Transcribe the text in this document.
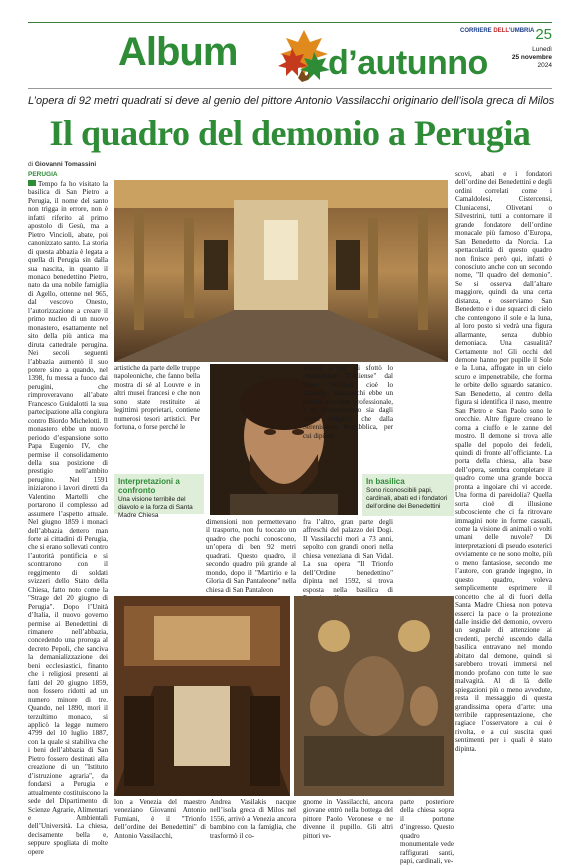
Album	d’autunno
CORRIERE DELL’UMBRIA 25
Lunedì
25 novembre
2024
L’opera di 92 metri quadrati si deve al genio del pittore Antonio Vassilacchi originario dell’isola greca di Milos
Il quadro del demonio a Perugia
di Giovanni Tomassini
PERUGIA
Tempo fa ho visitato la basilica di San Pietro a Perugia, il nome del santo non trigga in errore, non è infatti riferito al primo apostolo di Gesù, ma a Pietro Vincioli, abate, poi canonizzato santo. La storia di questa abbazia è legata a quella di Perugia sin dalla sua nascita, in quanto il monaco benedettino Pietro, nato da una nobile famiglia di Agello, ottenne nel 965, dal vescovo Onesto, l’autorizzazione a creare il primo nucleo di un nuovo monastero, esattamente nel sito della più antica ma diruta cattedrale perugina. Nei secoli seguenti l’abbazia aumentò il suo potere sino a quando, nel 1398, fu messa a fuoco dai perugini, che rimproveravano all’abate Francesco Guidalotti la sua partecipazione alla congiura contro Biordo Michelotti. Il monastero ebbe un nuovo periodo d’espansione sotto Papa Eugenio IV, che permise il consolidamento della sua posizione di prestigio nell’ambito perugino. Nel 1591 iniziarono i lavori diretti da Valentino Martelli che portarono il complesso ad assumere l’aspetto attuale. Nel giugno 1859 i monaci dell’abbazia dettero man forte ai cittadini di Perugia, che si erano sollevati contro l’autorità pontificia e si scontrarono con il reggimento di soldati svizzeri dello Stato della Chiesa, fatto noto come la "Strage del 20 giugno di Perugia". Dopo l’Unità d’Italia, il nuovo governo permise ai Benedettini di rimanere nell’abbazia, concedendo una proroga al decreto Pepoli, che sanciva la demanializzazione dei beni ecclesiastici, finanto che i religiosi presenti ai fatti del 20 giugno 1859, non fossero ridotti ad un numero minore di tre. Quando, nel 1890, morì il terzultimo monaco, si applicò la legge numero 4799 del 10 luglio 1887, con la quale si stabiliva che i beni dell’abbazia di San Pietro fossero destinati alla creazione di un "Istituto d’istruzione agraria", da fondarsi a Perugia e attualmente costituiscono la sede del Dipartimento di Scienze Agrarie, Alimentari e Ambientali dell’Università. La chiesa, decisamente bella e, seppure spogliata di molte opere
artistiche da parte delle truppe napoleoniche, che fanno bella mostra di sé al Louvre e in altri musei francesi e che non sono state restituite ai legittimi proprietari, contiene numerosi tesori artistici. Per fortuna, o forse perché le
Interpretazioni a confronto
Una visione terribile del diavolo e la forza di Santa Madre Chiesa
veziani a mo’ di sfottò lo chiamarono "l’Aliense" dal latino "Aliénus" cioè lo straniero. Vassilacchi ebbe un grande successo professionale, e fu richiestissimo sia dagli ordini religiosi, che dalla Serenissima Repubblica, per cui dipinse,
In basilica
Sono riconoscibili papi, cardinali, abati ed i fondatori dell’ordine dei Benedettini
dimensioni non permettevano il trasporto, non fu toccato un quadro che pochi conoscono, un’opera di ben 92 metri quadrati. Questo quadro, il secondo quadro più grande al mondo, dopo il "Martirio e la Gloria di San Pantaleone" nella chiesa di San Pantaleon
fra l’altro, gran parte degli affreschi del palazzo dei Dogi. Il Vassilacchi morì a 73 anni, sepolto con grandi onori nella chiesa veneziana di San Vidal. La sua opera "Il Trionfo dell’Ordine benedettino" dipinta nel 1592, si trova esposta nella basilica di
scovi, abati e i fondatori dell’ordine dei Benedettini e degli ordini correlati come i Camaldolesi, Cistercensi, Cluniacensi, Olivetani o Silvestrini, tutti a contornare il grande fondatore dell’ordine monacale più famoso d’Europa, San Benedetto da Norcia. La spettacolarità di questo quadro non finisce però qui, infatti è conosciuto anche con un secondo nome, "Il quadro del demonio". Se si osserva dall’altare maggiore, quindi da una certa distanza, e osserviamo San Benedetto e i due squarci di cielo che contengono il sole e la luna, al loro posto si vedrà una figura allarmante, senza dubbio demoniaca. Una casualità? Certamente no! Gli occhi del demone hanno per pupille il Sole e la Luna, affogate in un cielo scuro e impenetrabile, che forma le orbite dello sguardo satanico. San Benedetto, al centro della figura si identifica il naso, mentre San Pietro e San Paolo sono le orecchie. Altre figure creano le corna a ciuffo e le zanne del mostro. Il demone si trova alle spalle del popolo dei fedeli, quindi di fronte all’officiante. La porta della chiesa, alla base dell’opera, sembra completare il quadro come una grande bocca pronta a ingoiare chi vi accede. Una forma di pareidolia? Quella sorta cioè di illusione subcosciente che ci fa ritrovare immagini note in forme casuali, come la visione di animali o volti umani delle nuvole? Di interpretazioni di pseudo esoterici ovviamente ce ne sono molte, più o meno fantasiose, secondo me l’autore, con grande ingegno, in questo quadro, voleva semplicemente esprimere il concetto che al di fuori della Santa Madre Chiesa non poteva esserci la pace o la protezione dalle insidie del demonio, ovvero un segnale di attenzione ai credenti, perché uscendo dalla basilica entravano nel mondo abitato dal demone, quindi si sarebbero trovati immersi nel mondo profano con tutte le sue malvagità. Al di là delle spiegazioni più o meno avvedute, resta il messaggio di questa grandissima opera d’arte: una terribile rappresentazione, che ragiace l’osservatore a cui è rivolta, e a cui suscita quei sentimenti per i quali è stato dipinta.
lon a Venezia del maestro veneziano Giovanni Antonio Fumiani, è il "Trionfo dell’ordine dei Benedettini" di Antonio Vassilacchi,
Andrea Vasilakis nacque nell’isola greca di Milos nel 1556, arrivò a Venezia ancora bambino con la famiglia, che trasformò il co-
gnome in Vassilacchi, ancora giovane entrò nella bottega del pittore Paolo Veronese e ne divenne il pupillo. Gli altri pittori ve-
parte posteriore della chiesa sopra il portone d’ingresso. Questo quadro monumentale vede raffigurati santi, papi, cardinali, ve-
